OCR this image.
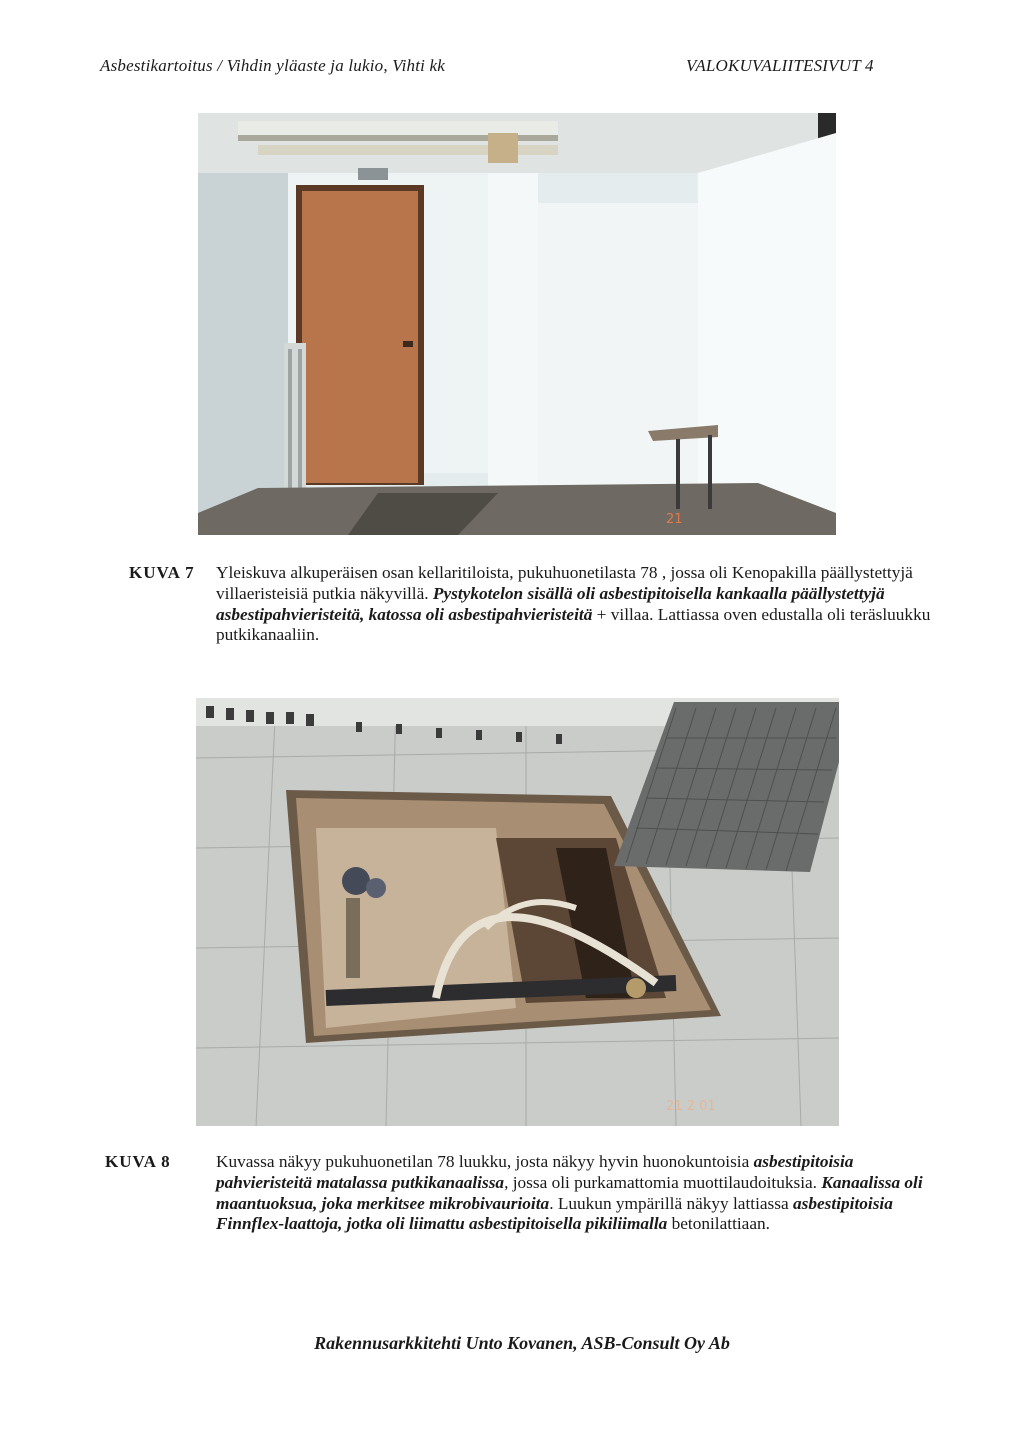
Asbestikartoitus / Vihdin yläaste ja lukio, Vihti kk	VALOKUVALIITESIVUT 4
21
KUVA 7 Yleiskuva alkuperäisen osan kellaritiloista, pukuhuonetilasta 78 , jossa oli Kenopakilla päällystettyjä villaeristeisiä putkia näkyvillä. Pystykotelon sisällä oli asbestipitoisella kankaalla päällystettyjä asbestipahvieristeitä, katossa oli asbestipahvieristeitä + villaa. Lattiassa oven edustalla oli teräsluukku putkikanaaliin.
21 2 01
KUVA 8	Kuvassa näkyy pukuhuonetilan 78 luukku, josta näkyy hyvin huonokuntoisia asbestipitoisia pahvieristeitä matalassa putkikanaalissa, jossa oli purkamattomia muottilaudoituksia. Kanaalissa oli maantuoksua, joka merkitsee mikrobivaurioita. Luukun ympärillä näkyy lattiassa asbestipitoisia Finnflex-laattoja, jotka oli liimattu asbestipitoisella pikiliimalla betonilattiaan.
Rakennusarkkitehti Unto Kovanen, ASB-Consult Oy Ab
